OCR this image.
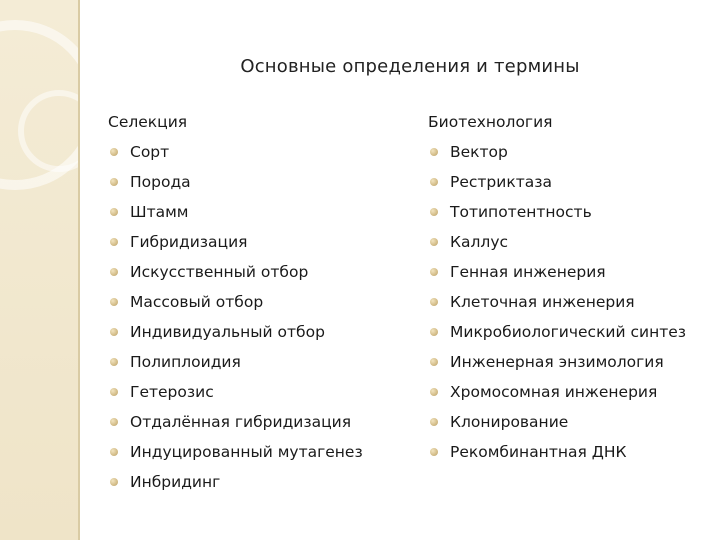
Основные определения и термины
Селекция
Сорт
Порода
Штамм
Гибридизация
Искусственный отбор
Массовый отбор
Индивидуальный отбор
Полиплоидия
Гетерозис
Отдалённая гибридизация
Индуцированный мутагенез
Инбридинг
Биотехнология
Вектор
Рестриктаза
Тотипотентность
Каллус
Генная инженерия
Клеточная инженерия
Микробиологический синтез
Инженерная энзимология
Хромосомная инженерия
Клонирование
Рекомбинантная ДНК
